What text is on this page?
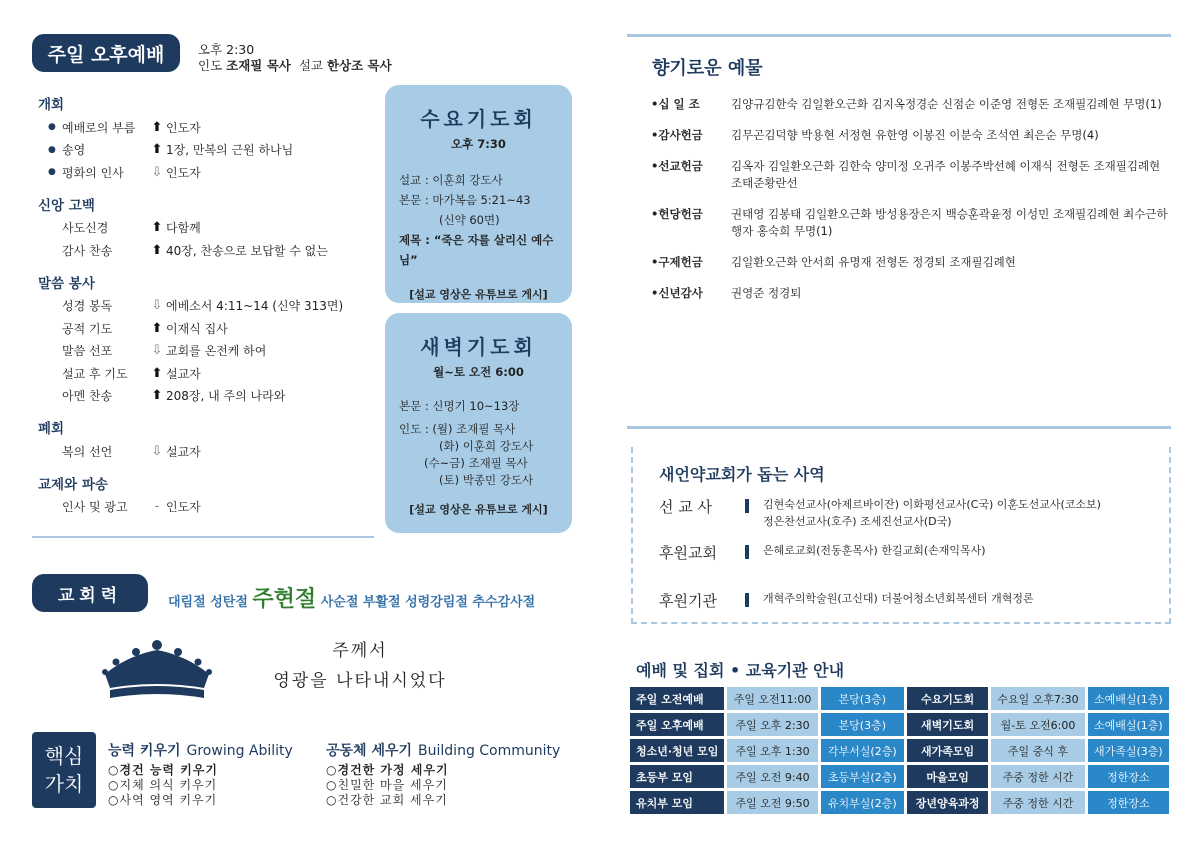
주일 오후예배	오후 2:30
인도 조재필 목사 설교 한상조 목사
개회
● 예배로의 부름	⬆ 인도자
● 송영	⬆ 1장, 만복의 근원 하나님
● 평화의 인사	⇩ 인도자
신앙 고백
사도신경	⬆ 다함께
감사 찬송	⬆ 40장, 찬송으로 보답할 수 없는
말씀 봉사
성경 봉독	⇩ 에베소서 4:11~14 (신약 313면)
공적 기도	⬆ 이재식 집사
말씀 선포	⇩ 교회를 온전케 하여
설교 후 기도	⬆ 설교자
아멘 찬송	⬆ 208장, 내 주의 나라와
폐회
복의 선언	⇩ 설교자
교제와 파송
인사 및 광고	- 인도자
수요기도회
오후 7:30
설교 : 이훈희 강도사
본문 : 마가복음 5:21~43
(신약 60면)
제목 : “죽은 자를 살리신 예수님”
[설교 영상은 유튜브로 게시]
새벽기도회
월~토 오전 6:00
본문 : 신명기 10~13장
인도 : (월) 조재필 목사
(화) 이훈희 강도사
(수~금) 조재필 목사
(토) 박종민 강도사
[설교 영상은 유튜브로 게시]
교회력	대림절 성탄절 주현절 사순절 부활절 성령강림절 추수감사절
주께서
영광을 나타내시었다
핵심
가치
능력 키우기 Growing Ability
○경건 능력 키우기
○지체 의식 키우기
○사역 영역 키우기
공동체 세우기 Building Community
○경건한 가정 세우기
○친밀한 마을 세우기
○건강한 교회 세우기
향기로운 예물
•십 일 조	김양규김한숙 김일환오근화 김지옥정경순 신점순 이준영 전형돈 조재필김례현 무명(1)
•감사헌금	김무곤김덕향 박용현 서정현 유한영 이봉진 이분숙 조석연 최은순 무명(4)
•선교헌금	김옥자 김일환오근화 김한숙 양미정 오귀주 이봉주박선혜 이재식 전형돈 조재필김례현 조태준황란선
•헌당헌금	권태영 김봉태 김일환오근화 방성용장은지 백승훈곽윤정 이성민 조재필김례현 최수근하행자 홍숙희 무명(1)
•구제헌금	김일환오근화 안서희 유명재 전형돈 정경퇴 조재필김례현
•신년감사	권영준 정경퇴
새언약교회가 돕는 사역
선 교 사	김현숙선교사(아제르바이잔) 이화평선교사(C국) 이훈도선교사(코소보)
정은찬선교사(호주) 조세진선교사(D국)
후원교회	은혜로교회(전동훈목사) 한길교회(손재익목사)
후원기관	개혁주의학술원(고신대) 더불어청소년회복센터 개혁정론
예배 및 집회 • 교육기관 안내
주일 오전예배	주일 오전11:00	본당(3층)	수요기도회	수요일 오후7:30	소예배실(1층)
주일 오후예배	주일 오후 2:30	본당(3층)	새벽기도회	월-토 오전6:00	소예배실(1층)
청소년·청년 모임	주일 오후 1:30	각부서실(2층)	새가족모임	주일 중식 후	새가족실(3층)
초등부 모임	주일 오전 9:40	초등부실(2층)	마을모임	주중 정한 시간	정한장소
유치부 모임	주일 오전 9:50	유치부실(2층)	장년양육과정	주중 정한 시간	정한장소
